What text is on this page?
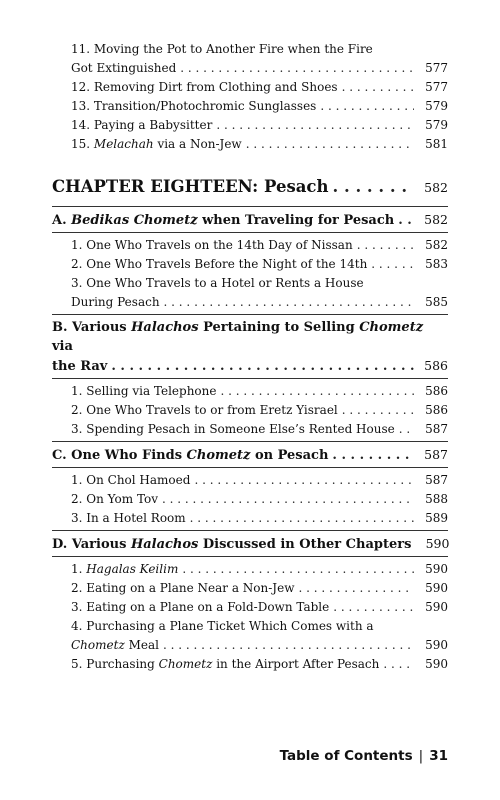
11. Moving the Pot to Another Fire when the Fire
Got Extinguished . . .	577
12. Removing Dirt from Clothing and Shoes . . .	577
13. Transition/Photochromic Sunglasses . . .	579
14. Paying a Babysitter . . .	579
15. Melachah via a Non-Jew . . .	581
CHAPTER EIGHTEEN: Pesach . . .	582
A. Bedikas Chometz when Traveling for Pesach . . .	582
1. One Who Travels on the 14th Day of Nissan . . .	582
2. One Who Travels Before the Night of the 14th . . .	583
3. One Who Travels to a Hotel or Rents a House
During Pesach . . .	585
B. Various Halachos Pertaining to Selling Chometz via
the Rav . . .	586
1. Selling via Telephone . . .	586
2. One Who Travels to or from Eretz Yisrael . . .	586
3. Spending Pesach in Someone Else’s Rented House . . .	587
C. One Who Finds Chometz on Pesach . . .	587
1. On Chol Hamoed . . .	587
2. On Yom Tov . . .	588
3. In a Hotel Room . . .	589
D. Various Halachos Discussed in Other Chapters	590
1. Hagalas Keilim . . .	590
2. Eating on a Plane Near a Non-Jew . . .	590
3. Eating on a Plane on a Fold-Down Table . . .	590
4. Purchasing a Plane Ticket Which Comes with a
Chometz Meal . . .	590
5. Purchasing Chometz in the Airport After Pesach . . .	590
Table of Contents | 31
